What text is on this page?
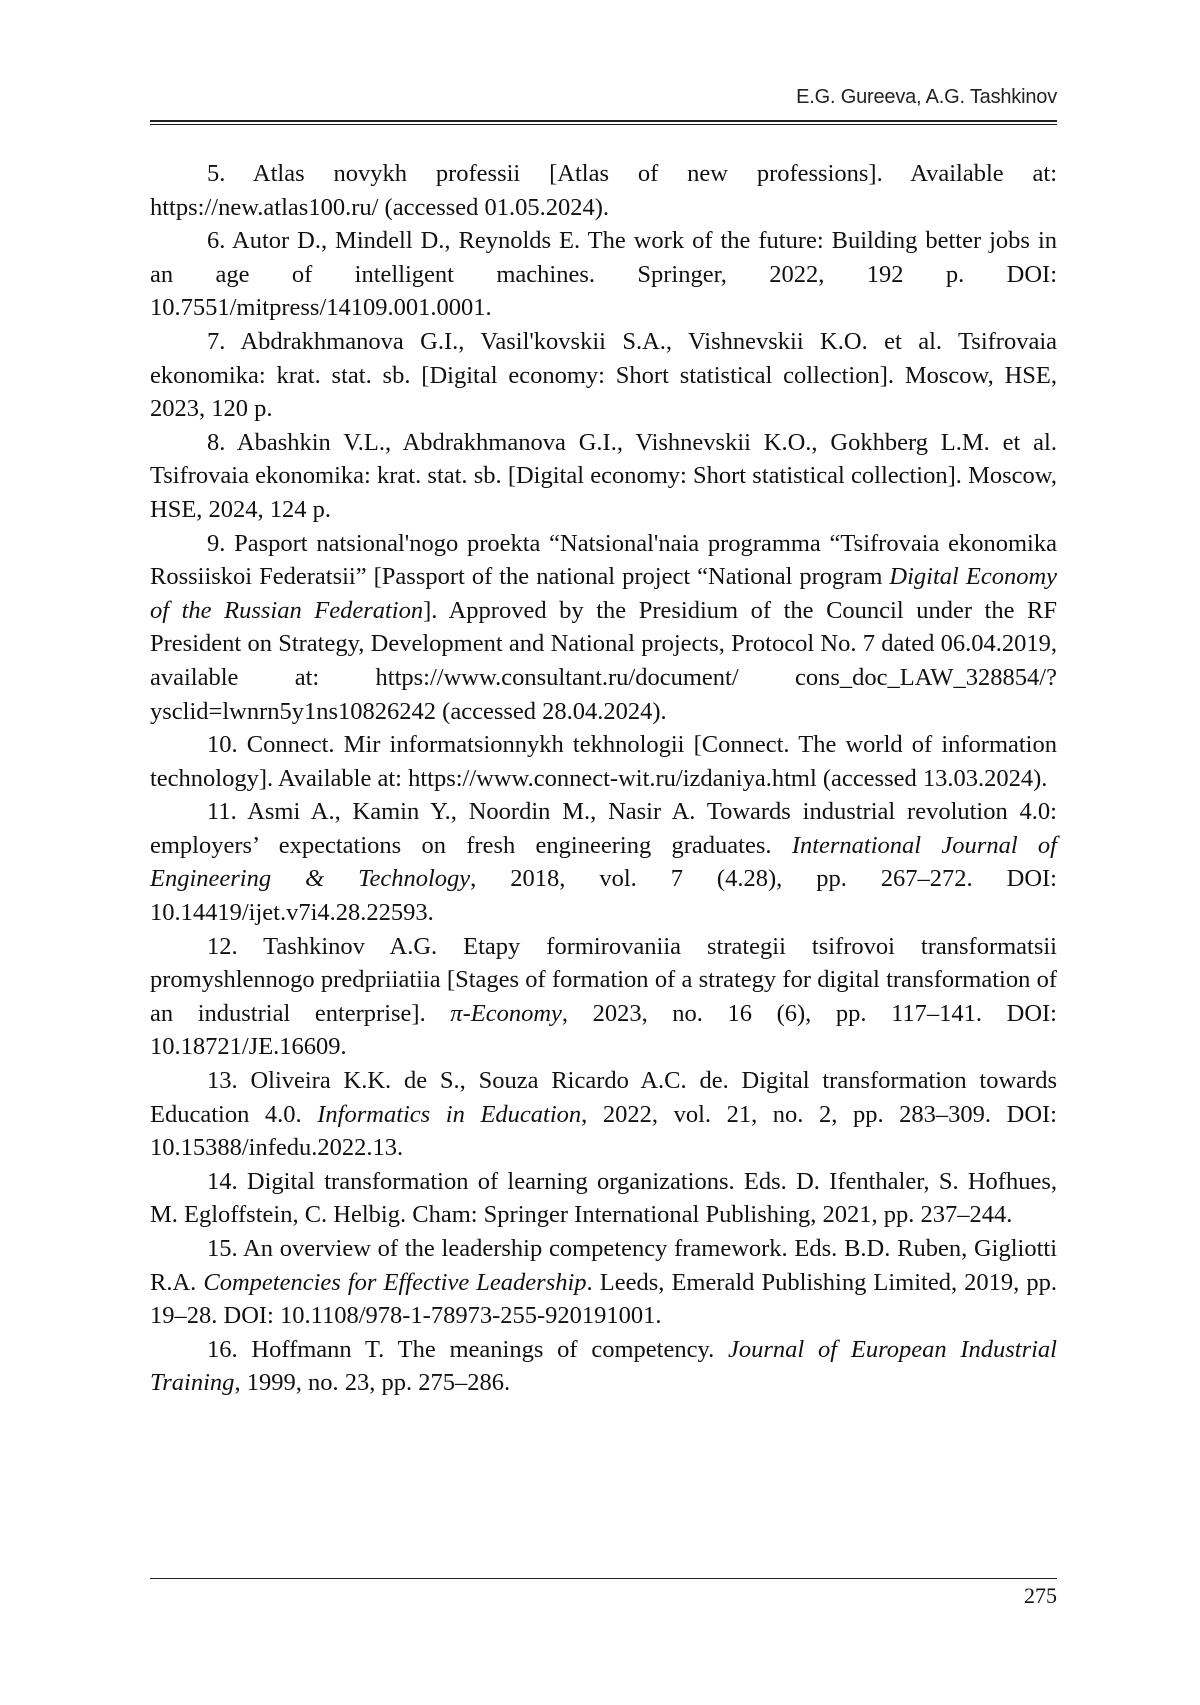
E.G. Gureeva, A.G. Tashkinov

5. Atlas novykh professii [Atlas of new professions]. Available at: https://new.atlas100.ru/ (accessed 01.05.2024).

6. Autor D., Mindell D., Reynolds E. The work of the future: Building better jobs in an age of intelligent machines. Springer, 2022, 192 p. DOI: 10.7551/mitpress/14109.001.0001.

7. Abdrakhmanova G.I., Vasil'kovskii S.A., Vishnevskii K.O. et al. Tsifrovaia ekonomika: krat. stat. sb. [Digital economy: Short statistical collection]. Moscow, HSE, 2023, 120 p.

8. Abashkin V.L., Abdrakhmanova G.I., Vishnevskii K.O., Gokhberg L.M. et al. Tsifrovaia ekonomika: krat. stat. sb. [Digital economy: Short statistical collection]. Moscow, HSE, 2024, 124 p.

9. Pasport natsional'nogo proekta “Natsional'naia programma “Tsifrovaia ekonomika Rossiiskoi Federatsii” [Passport of the national project “National program Digital Economy of the Russian Federation]. Approved by the Presidium of the Coun­cil under the RF President on Strategy, Development and National projects, Protocol No. 7 dated 06.04.2019, available at: https://www.consultant.ru/document/ cons_doc_LAW_328854/?ysclid=lwnrn5y1ns10826242 (accessed 28.04.2024).

10. Connect. Mir informatsionnykh tekhnologii [Connect. The world of infor­mation technology]. Available at: https://www.connect-wit.ru/izdaniya.html (ac­cessed 13.03.2024).

11. Asmi A., Kamin Y., Noordin M., Nasir A. Towards industrial revolution 4.0: employers’ expectations on fresh engineering graduates. International Journal of Engineering & Technology, 2018, vol. 7 (4.28), pp. 267–272. DOI: 10.14419/ijet.v7i4.28.22593.

12. Tashkinov A.G. Etapy formirovaniia strategii tsifrovoi transformatsii promyshlennogo predpriiatiia [Stages of formation of a strategy for digital transfor­mation of an industrial enterprise]. π-Economy, 2023, no. 16 (6), pp. 117–141. DOI: 10.18721/JE.16609.

13. Oliveira K.K. de S., Souza Ricardo A.C. de. Digital transformation towards Education 4.0. Informatics in Education, 2022, vol. 21, no. 2, pp. 283–309. DOI: 10.15388/infedu.2022.13.

14. Digital transformation of learning organizations. Eds. D. Ifenthaler, S. Hof­hues, M. Egloffstein, C. Helbig. Cham: Springer International Publishing, 2021, pp. 237–244.

15. An overview of the leadership competency framework. Eds. B.D. Ruben, Gigliotti R.A. Competencies for Effective Leadership. Leeds, Emerald Publishing Limited, 2019, pp. 19–28. DOI: 10.1108/978-1-78973-255-920191001.

16. Hoffmann T. The meanings of competency. Journal of European Industrial Training, 1999, no. 23, pp. 275–286.

275
